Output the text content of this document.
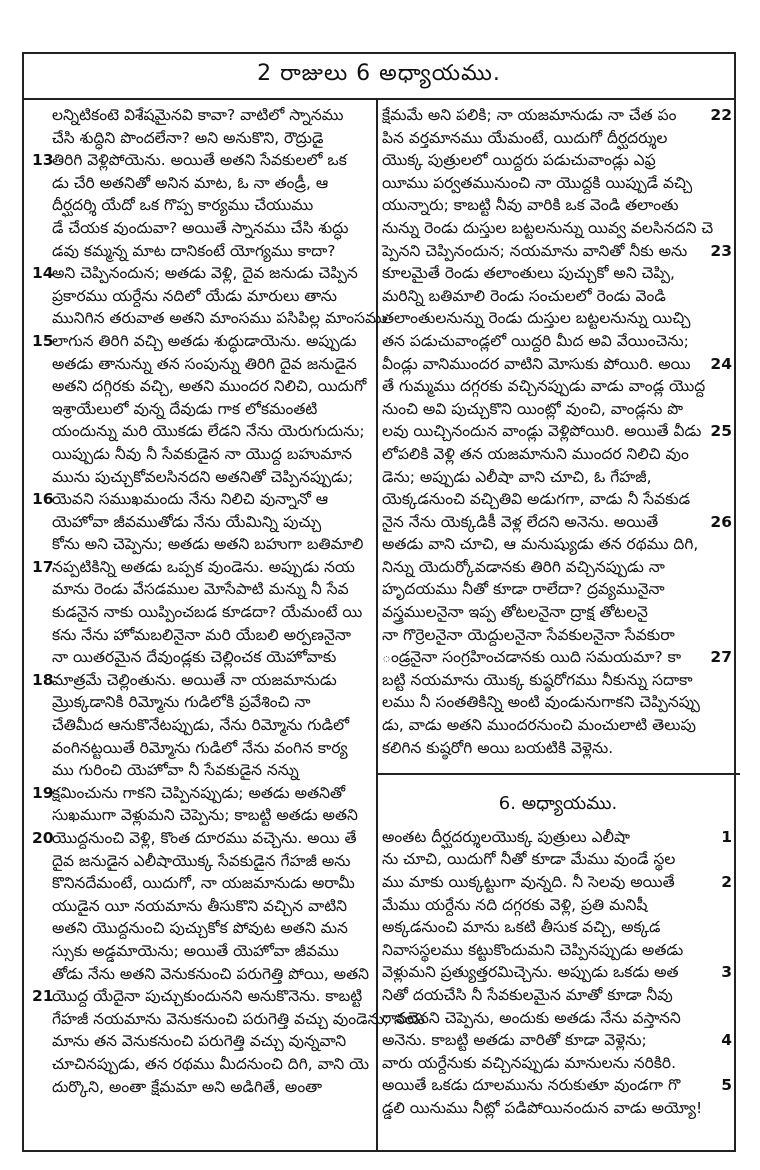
2 రాజులు 6 అధ్యాయము.
లన్నిటికంటె విశేషమైనవి కావా? వాటిలో స్నానము
చేసి శుద్ధిని పొందలేనా? అని అనుకొని, రౌద్రుడై
13
తిరిగి వెళ్లిపోయెను. అయితే అతని సేవకులలో ఒక
డు చేరి అతనితో అనిన మాట, ఓ నా తండ్రీ, ఆ
దీర్ఘదర్శి యేదో ఒక గొప్ప కార్యము చేయుము
డే చేయక వుందువా? అయితే స్నానము చేసి శుద్ధు
డవు కమ్మన్న మాట దానికంటే యోగ్యము కాదా?
14
అని చెప్పినందున; అతడు వెళ్లి, దైవ జనుడు చెప్పిన
ప్రకారము యర్దేను నదిలో యేడు మారులు తాను
మునిగిన తరువాత అతని మాంసము పసిపిల్ల మాంసము
15
లాగున తిరిగి వచ్చి అతడు శుద్ధుడాయెను. అప్పుడు
అతడు తానున్ను తన సంపున్ను తిరిగి దైవ జనుడైన
అతని దగ్గిరకు వచ్చి, అతని ముందర నిలిచి, యిదుగో
ఇశ్రాయేలులో వున్న దేవుడు గాక లోకమంతటి
యందున్ను మరి యొకడు లేడని నేను యెరుగుదును;
యిప్పుడు నీవు నీ సేవకుడైన నా యొద్ద బహుమాన
మును పుచ్చుకోవలసినదని అతనితో చెప్పినప్పుడు;
16
యెవని సముఖమందు నేను నిలిచి వున్నానో ఆ
యెహోవా జీవముతోడు నేను యేమిన్ని పుచ్చు
కోను అని చెప్పెను; అతడు అతని బహుగా బతిమాలి
17
నప్పటికిన్ని అతడు ఒప్పక వుండెను. అప్పుడు నయ
మాను రెండు వేసడముల మోసేపాటి మన్ను నీ సేవ
కుడనైన నాకు యిప్పించబడ కూడదా? యేమంటే యి
కను నేను హోమబలినైనా మరి యేబలి అర్పణనైనా
నా యితరమైన దేవుండ్లకు చెల్లించక యెహోవాకు
18
మాత్రమే చెల్లింతును. అయితే నా యజమానుడు
మ్రొక్కడానికి రిమ్మోను గుడిలోకి ప్రవేశించి నా
చేతిమీద ఆనుకొనేటప్పుడు, నేను రిమ్మోను గుడిలో
వంగినట్టయితే రిమ్మోను గుడిలో నేను వంగిన కార్య
ము గురించి యెహోవా నీ సేవకుడైన నన్ను
19
క్షమించును గాకని చెప్పినప్పుడు; అతడు అతనితో
సుఖముగా వెళ్లుమని చెప్పెను; కాబట్టి అతడు అతని
20
యొద్దనుంచి వెళ్లి, కొంత దూరము వచ్చెను. అయి తే
దైవ జనుడైన ఎలీషాయొక్క సేవకుడైన గేహజీ అను
కొనినదేమంటే, యిదుగో, నా యజమానుడు అరామీ
యుడైన యీ నయమాను తీసుకొని వచ్చిన వాటిని
అతని యొద్దనుంచి పుచ్చుకోక పోవుట అతని మన
స్సుకు అడ్డమాయెను; అయితే యెహోవా జీవము
తోడు నేను అతని వెనుకనుంచి పరుగెత్తి పోయి, అతని
21
యొద్ద యేదైనా పుచ్చుకుందునని అనుకొనెను. కాబట్టి
గేహజీ నయమాను వెనుకనుంచి పరుగెత్తి వచ్చు వుండెను; నయ
మాను తన వెనుకనుంచి పరుగెత్తి వచ్చు వున్నవాని
చూచినప్పుడు, తన రథము మీదనుంచి దిగి, వాని యె
దుర్కొని, అంతా క్షేమమా అని అడిగితే, అంతా
22
క్షేమమే అని పలికి; నా యజమానుడు నా చేత పం
పిన వర్తమానము యేమంటే, యిదుగో దీర్ఘదర్శుల
యొక్క పుత్రులలో యిద్దరు పడుచువాండ్లు ఎఫ్ర
యీము పర్వతమునుంచి నా యొద్దకి యిప్పుడే వచ్చి
యున్నారు; కాబట్టి నీవు వారికి ఒక వెండి తలాంతు
నున్ను రెండు దుస్తుల బట్టలనున్ను యివ్వ వలసినదని చె
23
ప్పెనని చెప్పినందున; నయమాను వానితో నీకు అను
కూలమైతే రెండు తలాంతులు పుచ్చుకో అని చెప్పి,
మరిన్ని బతిమాలి రెండు సంచులలో రెండు వెండి
తలాంతులనున్ను రెండు దుస్తుల బట్టలనున్ను యిచ్చి
తన పడుచువాండ్లలో యిద్దరి మీద అవి వేయించెను;
24
వీండ్లు వానిముందర వాటిని మోసుకు పోయిరి. అయి
తే గుమ్మము దగ్గరకు వచ్చినప్పుడు వాడు వాండ్ల యొద్ద
నుంచి అవి పుచ్చుకొని యింట్లో వుంచి, వాండ్లను పొ
25
లవు యిచ్చినందున వాండ్లు వెళ్లిపోయిరి. అయితే వీడు
లోపలికి వెళ్లి తన యజమానుని ముందర నిలిచి వుం
డెను; అప్పుడు ఎలీషా వాని చూచి, ఓ గేహజీ,
యెక్కడనుంచి వచ్చితివి అడుగగా, వాడు నీ సేవకుడ
26
నైన నేను యెక్కడికీ వెళ్ల లేదని అనెను. అయితే
అతడు వాని చూచి, ఆ మనుష్యుడు తన రథము దిగి,
నిన్ను యెదుర్కోవడానకు తిరిగి వచ్చినప్పుడు నా
హృదయము నీతో కూడా రాలేదా? ద్రవ్యమునైనా
వస్త్రములనైనా ఇప్ప తోటలనైనా ద్రాక్ష తోటలనై
నా గొర్రెలనైనా యెద్దులనైనా సేవకులనైనా సేవకురా
27
ండ్రనైనా సంగ్రహించడానకు యిది సమయమా? కా
బట్టి నయమాను యొక్క కుష్ఠరోగము నీకున్ను సదాకా
లము నీ సంతతికిన్ని అంటి వుండునుగాకని చెప్పినప్పు
డు, వాడు అతని ముందరనుంచి మంచులాటి తెలుపు
కలిగిన కుష్ఠరోగి అయి బయటికి వెళ్లెను.
6. అధ్యాయము.
1
అంతట దీర్ఘదర్శులయొక్క పుత్రులు ఎలీషా
ను చూచి, యిదుగో నీతో కూడా మేము వుండే స్థల
2
ము మాకు యిక్కట్టుగా వున్నది. నీ సెలవు అయితే
మేము యర్దేను నది దగ్గరకు వెళ్లి, ప్రతి మనిషీ
అక్కడనుంచి మాను ఒకటి తీసుక వచ్చి, అక్కడ
నివాసస్థలము కట్టుకొందుమని చెప్పినప్పుడు అతడు
3
వెళ్లుమని ప్రత్యుత్తరమిచ్చెను. అప్పుడు ఒకడు అత
నితో దయచేసి నీ సేవకులమైన మాతో కూడా నీవు
రావలెనని చెప్పెను, అందుకు అతడు నేను వస్తానని
4
అనెను. కాబట్టి అతడు వారితో కూడా వెళ్లెను;
వారు యర్దేనుకు వచ్చినప్పుడు మానులను నరికిరి.
5
అయితే ఒకడు దూలమును నరుకుతూ వుండగా గొ
డ్డలి యినుము నీట్లో పడిపోయినందున వాడు అయ్యో!
